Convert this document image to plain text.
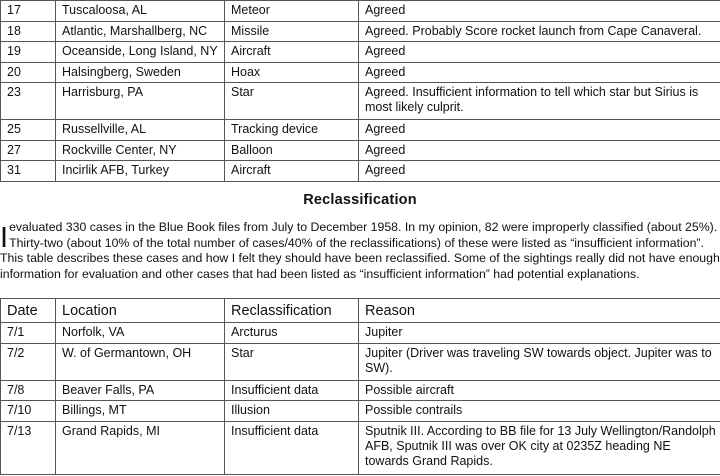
17	Tuscaloosa, AL	Meteor	Agreed
18	Atlantic, Marshallberg, NC	Missile	Agreed. Probably Score rocket launch from Cape Canaveral.
19	Oceanside, Long Island, NY	Aircraft	Agreed
20	Halsingberg, Sweden	Hoax	Agreed
23	Harrisburg, PA	Star	Agreed. Insufficient information to tell which star but Sirius is most likely culprit.
25	Russellville, AL	Tracking device	Agreed
27	Rockville Center, NY	Balloon	Agreed
31	Incirlik AFB, Turkey	Aircraft	Agreed
Reclassification

I evaluated 330 cases in the Blue Book files from July to December 1958. In my opinion, 82 were improperly classified (about 25%). Thirty-two (about 10% of the total number of cases/40% of the reclassifications) of these were listed as “insufficient information”. This table describes these cases and how I felt they should have been reclassified. Some of the sightings really did not have enough information for evaluation and other cases that had been listed as “insufficient information” had potential explanations.

Date	Location	Reclassification	Reason
7/1	Norfolk, VA	Arcturus	Jupiter
7/2	W. of Germantown, OH	Star	Jupiter (Driver was traveling SW towards object. Jupiter was to SW).
7/8	Beaver Falls, PA	Insufficient data	Possible aircraft
7/10	Billings, MT	Illusion	Possible contrails
7/13	Grand Rapids, MI	Insufficient data	Sputnik III. According to BB file for 13 July Wellington/Randolph AFB, Sputnik III was over OK city at 0235Z heading NE towards Grand Rapids.
